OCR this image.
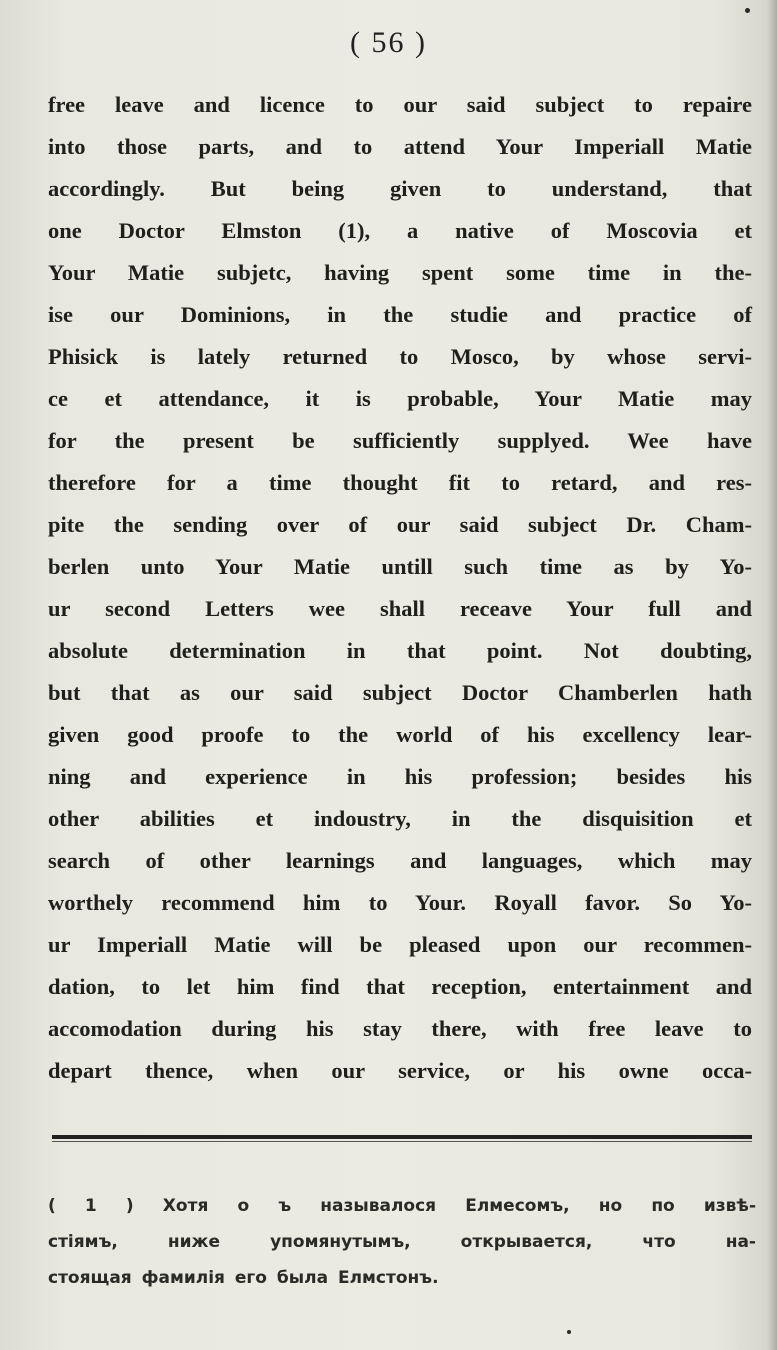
( 56 )
free leave and licence to our said subject to repaire
into those parts, and to attend Your Imperiall Matie
accordingly. But being given to understand, that
one Doctor Elmston (1), a native of Moscovia et
Your Matie subjetc, having spent some time in the-
ise our Dominions, in the studie and practice of
Phisick is lately returned to Mosco, by whose servi-
ce et attendance, it is probable, Your Matie may
for the present be sufficiently supplyed. Wee have
therefore for a time thought fit to retard, and res-
pite the sending over of our said subject Dr. Cham-
berlen unto Your Matie untill such time as by Yo-
ur second Letters wee shall receave Your full and
absolute determination in that point. Not doubting,
but that as our said subject Doctor Chamberlen hath
given good proofe to the world of his excellency lear-
ning and experience in his profession; besides his
other abilities et indoustry, in the disquisition et
search of other learnings and languages, which may
worthely recommend him to Your. Royall favor. So Yo-
ur Imperiall Matie will be pleased upon our recommen-
dation, to let him find that reception, entertainment and
accomodation during his stay there, with free leave to
depart thence, when our service, or his owne occa-
( 1 ) Хотя о ъ называлося Елмесомъ, но по извѣ-
стіямъ, ниже упомянутымъ, открывается, что на-
стоящая фамилія его была Елмстонъ.
